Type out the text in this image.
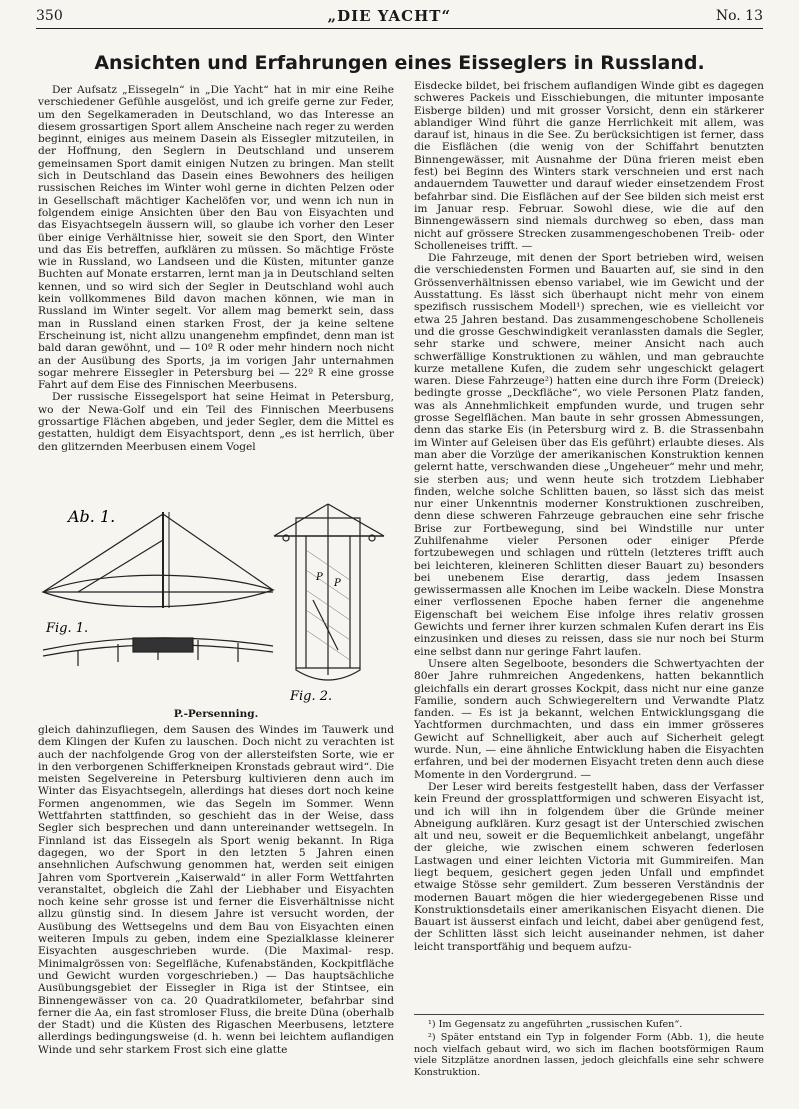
350	„DIE YACHT“	No. 13
Ansichten und Erfahrungen eines Eisseglers in Russland.

Der Aufsatz „Eissegeln“ in „Die Yacht“ hat in mir eine Reihe verschiedener Gefühle ausgelöst, und ich greife gerne zur Feder, um den Segelkameraden in Deutschland, wo das Interesse an diesem grossartigen Sport allem Anscheine nach reger zu werden beginnt, einiges aus meinem Dasein als Eissegler mitzuteilen, in der Hoffnung, den Seglern in Deutschland und unserem gemeinsamen Sport damit einigen Nutzen zu bringen. Man stellt sich in Deutschland das Dasein eines Bewohners des heiligen russischen Reiches im Winter wohl gerne in dichten Pelzen oder in Gesellschaft mächtiger Kachelöfen vor, und wenn ich nun in folgendem einige Ansichten über den Bau von Eisyachten und das Eisyachtsegeln äussern will, so glaube ich vorher den Leser über einige Verhältnisse hier, soweit sie den Sport, den Winter und das Eis betreffen, aufklären zu müssen. So mächtige Fröste wie in Russland, wo Landseen und die Küsten, mitunter ganze Buchten auf Monate erstarren, lernt man ja in Deutschland selten kennen, und so wird sich der Segler in Deutschland wohl auch kein vollkommenes Bild davon machen können, wie man in Russland im Winter segelt. Vor allem mag bemerkt sein, dass man in Russland einen starken Frost, der ja keine seltene Erscheinung ist, nicht allzu unangenehm empfindet, denn man ist bald daran gewöhnt, und — 10º R oder mehr hindern noch nicht an der Ausübung des Sports, ja im vorigen Jahr unternahmen sogar mehrere Eissegler in Petersburg bei — 22º R eine grosse Fahrt auf dem Eise des Finnischen Meerbusens.

Der russische Eissegelsport hat seine Heimat in Petersburg, wo der Newa-Golf und ein Teil des Finnischen Meerbusens grossartige Flächen abgeben, und jeder Segler, dem die Mittel es gestatten, huldigt dem Eisyachtsport, denn „es ist herrlich, über den glitzernden Meerbusen einem Vogel

Ab. 1.
Fig. 1.
Fig. 2.
P
P
P.-Persenning.

gleich dahinzufliegen, dem Sausen des Windes im Tauwerk und dem Klingen der Kufen zu lauschen. Doch nicht zu verachten ist auch der nachfolgende Grog von der allersteifsten Sorte, wie er in den verborgenen Schifferkneipen Kronstads gebraut wird“. Die meisten Segelvereine in Petersburg kultivieren denn auch im Winter das Eisyachtsegeln, allerdings hat dieses dort noch keine Formen angenommen, wie das Segeln im Sommer. Wenn Wettfahrten stattfinden, so geschieht das in der Weise, dass Segler sich besprechen und dann untereinander wettsegeln. In Finnland ist das Eissegeln als Sport wenig bekannt. In Riga dagegen, wo der Sport in den letzten 5 Jahren einen ansehnlichen Aufschwung genommen hat, werden seit einigen Jahren vom Sportverein „Kaiserwald“ in aller Form Wettfahrten veranstaltet, obgleich die Zahl der Liebhaber und Eisyachten noch keine sehr grosse ist und ferner die Eisverhältnisse nicht allzu günstig sind. In diesem Jahre ist versucht worden, der Ausübung des Wettsegelns und dem Bau von Eisyachten einen weiteren Impuls zu geben, indem eine Spezialklasse kleinerer Eisyachten ausgeschrieben wurde. (Die Maximal- resp. Minimalgrössen von: Segelfläche, Kufenabständen, Kockpitfläche und Gewicht wurden vorgeschrieben.) — Das hauptsächliche Ausübungsgebiet der Eissegler in Riga ist der Stintsee, ein Binnengewässer von ca. 20 Quadratkilometer, befahrbar sind ferner die Aa, ein fast stromloser Fluss, die breite Düna (oberhalb der Stadt) und die Küsten des Rigaschen Meerbusens, letztere allerdings bedingungsweise (d. h. wenn bei leichtem auflandigen Winde und sehr starkem Frost sich eine glatte

Eisdecke bildet, bei frischem auflandigen Winde gibt es dagegen schweres Packeis und Eisschiebungen, die mitunter imposante Eisberge bilden) und mit grosser Vorsicht, denn ein stärkerer ablandiger Wind führt die ganze Herrlichkeit mit allem, was darauf ist, hinaus in die See. Zu berücksichtigen ist ferner, dass die Eisflächen (die wenig von der Schiffahrt benutzten Binnengewässer, mit Ausnahme der Düna frieren meist eben fest) bei Beginn des Winters stark verschneien und erst nach andauerndem Tauwetter und darauf wieder einsetzendem Frost befahrbar sind. Die Eisflächen auf der See bilden sich meist erst im Januar resp. Februar. Sowohl diese, wie die auf den Binnengewässern sind niemals durchweg so eben, dass man nicht auf grössere Strecken zusammengeschobenen Treib- oder Scholleneises trifft. —

Die Fahrzeuge, mit denen der Sport betrieben wird, weisen die verschiedensten Formen und Bauarten auf, sie sind in den Grössenverhältnissen ebenso variabel, wie im Gewicht und der Ausstattung. Es lässt sich überhaupt nicht mehr von einem spezifisch russischem Modell¹) sprechen, wie es vielleicht vor etwa 25 Jahren bestand. Das zusammengeschobene Scholleneis und die grosse Geschwindigkeit veranlassten damals die Segler, sehr starke und schwere, meiner Ansicht nach auch schwerfällige Konstruktionen zu wählen, und man gebrauchte kurze metallene Kufen, die zudem sehr ungeschickt gelagert waren. Diese Fahrzeuge²) hatten eine durch ihre Form (Dreieck) bedingte grosse „Deckfläche“, wo viele Personen Platz fanden, was als Annehmlichkeit empfunden wurde, und trugen sehr grosse Segelflächen. Man baute in sehr grossen Abmessungen, denn das starke Eis (in Petersburg wird z. B. die Strassenbahn im Winter auf Geleisen über das Eis geführt) erlaubte dieses. Als man aber die Vorzüge der amerikanischen Konstruktion kennen gelernt hatte, verschwanden diese „Ungeheuer“ mehr und mehr, sie sterben aus; und wenn heute sich trotzdem Liebhaber finden, welche solche Schlitten bauen, so lässt sich das meist nur einer Unkenntnis moderner Konstruktionen zuschreiben, denn diese schweren Fahrzeuge gebrauchen eine sehr frische Brise zur Fortbewegung, sind bei Windstille nur unter Zuhilfenahme vieler Personen oder einiger Pferde fortzubewegen und schlagen und rütteln (letzteres trifft auch bei leichteren, kleineren Schlitten dieser Bauart zu) besonders bei unebenem Eise derartig, dass jedem Insassen gewissermassen alle Knochen im Leibe wackeln. Diese Monstra einer verflossenen Epoche haben ferner die angenehme Eigenschaft bei weichem Eise infolge ihres relativ grossen Gewichts und ferner ihrer kurzen schmalen Kufen derart ins Eis einzusinken und dieses zu reissen, dass sie nur noch bei Sturm eine selbst dann nur geringe Fahrt laufen.

Unsere alten Segelboote, besonders die Schwertyachten der 80er Jahre ruhmreichen Angedenkens, hatten bekanntlich gleichfalls ein derart grosses Kockpit, dass nicht nur eine ganze Familie, sondern auch Schwiegereltern und Verwandte Platz fanden. — Es ist ja bekannt, welchen Entwicklungsgang die Yachtformen durchmachten, und dass ein immer grösseres Gewicht auf Schnelligkeit, aber auch auf Sicherheit gelegt wurde. Nun, — eine ähnliche Entwicklung haben die Eisyachten erfahren, und bei der modernen Eisyacht treten denn auch diese Momente in den Vordergrund. —

Der Leser wird bereits festgestellt haben, dass der Verfasser kein Freund der grossplattformigen und schweren Eisyacht ist, und ich will ihn in folgendem über die Gründe meiner Abneigung aufklären. Kurz gesagt ist der Unterschied zwischen alt und neu, soweit er die Bequemlichkeit anbelangt, ungefähr der gleiche, wie zwischen einem schweren federlosen Lastwagen und einer leichten Victoria mit Gummireifen. Man liegt bequem, gesichert gegen jeden Unfall und empfindet etwaige Stösse sehr gemildert. Zum besseren Verständnis der modernen Bauart mögen die hier wiedergegebenen Risse und Konstruktionsdetails einer amerikanischen Eisyacht dienen. Die Bauart ist äusserst einfach und leicht, dabei aber genügend fest, der Schlitten lässt sich leicht auseinander nehmen, ist daher leicht transportfähig und bequem aufzu-

¹) Im Gegensatz zu angeführten „russischen Kufen“.

²) Später entstand ein Typ in folgender Form (Abb. 1), die heute noch vielfach gebaut wird, wo sich im flachen bootsförmigen Raum viele Sitzplätze anordnen lassen, jedoch gleichfalls eine sehr schwere Konstruktion.
